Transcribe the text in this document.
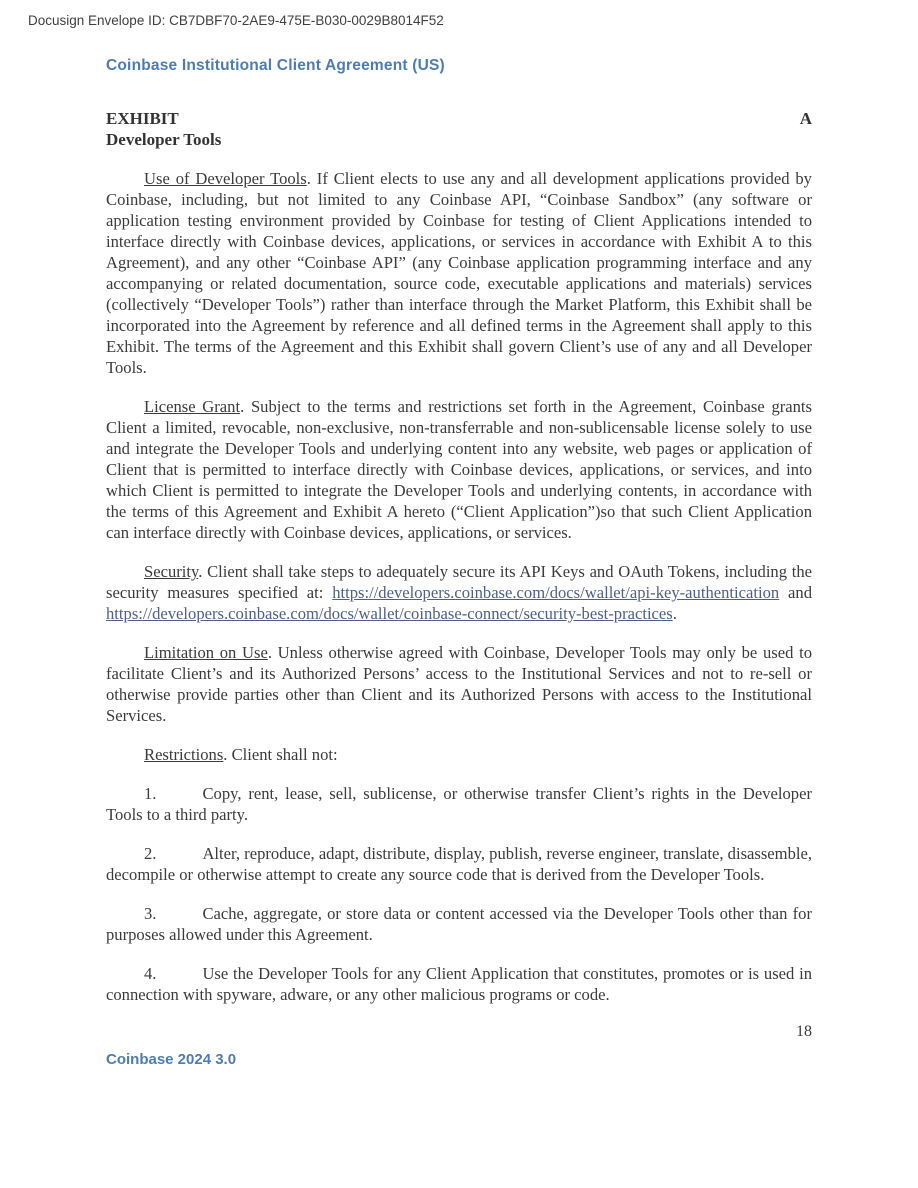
Docusign Envelope ID: CB7DBF70-2AE9-475E-B030-0029B8014F52
Coinbase Institutional Client Agreement (US)
EXHIBIT	A
Developer Tools

Use of Developer Tools. If Client elects to use any and all development applications provided by Coinbase, including, but not limited to any Coinbase API, “Coinbase Sandbox” (any software or application testing environment provided by Coinbase for testing of Client Applications intended to interface directly with Coinbase devices, applications, or services in accordance with Exhibit A to this Agreement), and any other “Coinbase API” (any Coinbase application programming interface and any accompanying or related documentation, source code, executable applications and materials) services (collectively “Developer Tools”) rather than interface through the Market Platform, this Exhibit shall be incorporated into the Agreement by reference and all defined terms in the Agreement shall apply to this Exhibit. The terms of the Agreement and this Exhibit shall govern Client’s use of any and all Developer Tools.

License Grant. Subject to the terms and restrictions set forth in the Agreement, Coinbase grants Client a limited, revocable, non-exclusive, non-transferrable and non-sublicensable license solely to use and integrate the Developer Tools and underlying content into any website, web pages or application of Client that is permitted to interface directly with Coinbase devices, applications, or services, and into which Client is permitted to integrate the Developer Tools and underlying contents, in accordance with the terms of this Agreement and Exhibit A hereto (“Client Application”)so that such Client Application can interface directly with Coinbase devices, applications, or services.

Security. Client shall take steps to adequately secure its API Keys and OAuth Tokens, including the security measures specified at: https://developers.coinbase.com/docs/wallet/api-key-authentication and https://developers.coinbase.com/docs/wallet/coinbase-connect/security-best-practices.

Limitation on Use. Unless otherwise agreed with Coinbase, Developer Tools may only be used to facilitate Client’s and its Authorized Persons’ access to the Institutional Services and not to re-sell or otherwise provide parties other than Client and its Authorized Persons with access to the Institutional Services.

Restrictions. Client shall not:

1.	Copy, rent, lease, sell, sublicense, or otherwise transfer Client’s rights in the Developer Tools to a third party.

2.	Alter, reproduce, adapt, distribute, display, publish, reverse engineer, translate, disassemble, decompile or otherwise attempt to create any source code that is derived from the Developer Tools.

3.	Cache, aggregate, or store data or content accessed via the Developer Tools other than for purposes allowed under this Agreement.

4.	Use the Developer Tools for any Client Application that constitutes, promotes or is used in connection with spyware, adware, or any other malicious programs or code.

18
Coinbase 2024 3.0
